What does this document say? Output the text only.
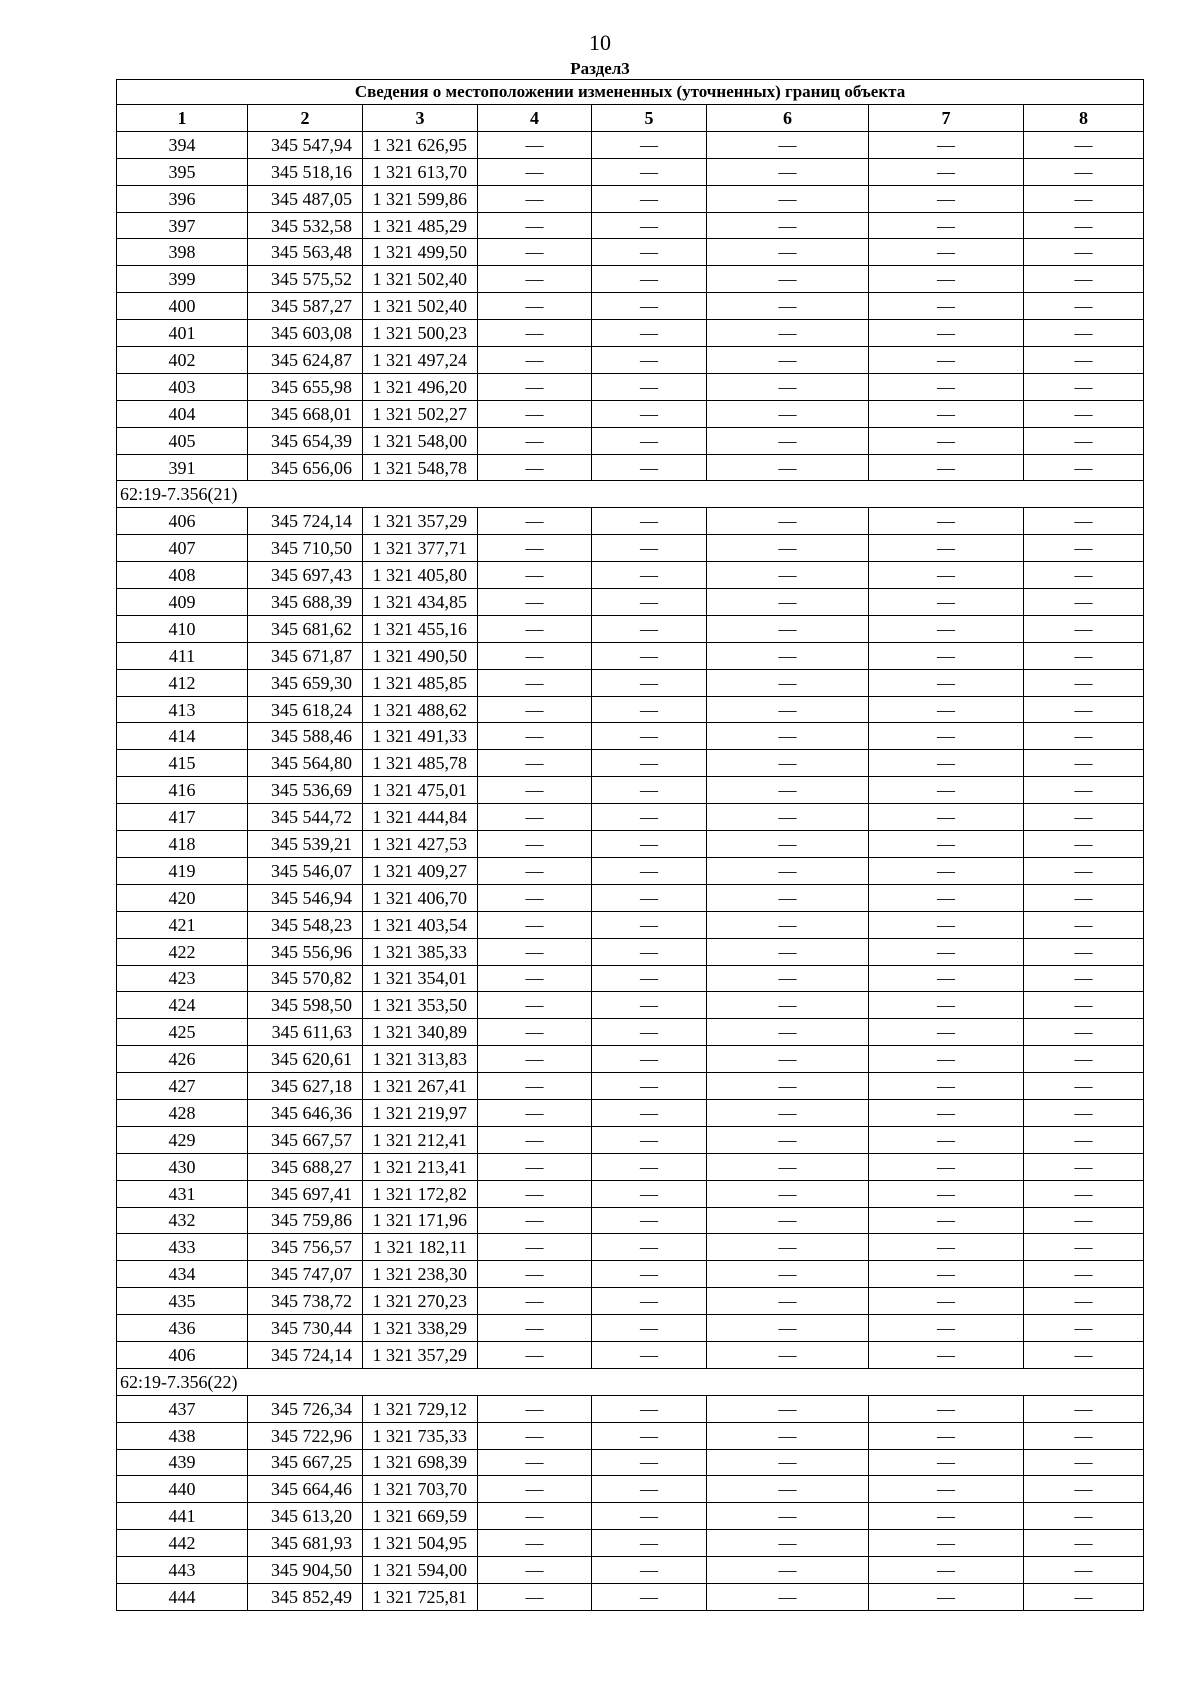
10
Раздел3
Сведения о местоположении измененных (уточненных) границ объекта							
1	2	3	4	5	6	7	8
394	345 547,94	1 321 626,95	—	—	—	—	—
395	345 518,16	1 321 613,70	—	—	—	—	—
396	345 487,05	1 321 599,86	—	—	—	—	—
397	345 532,58	1 321 485,29	—	—	—	—	—
398	345 563,48	1 321 499,50	—	—	—	—	—
399	345 575,52	1 321 502,40	—	—	—	—	—
400	345 587,27	1 321 502,40	—	—	—	—	—
401	345 603,08	1 321 500,23	—	—	—	—	—
402	345 624,87	1 321 497,24	—	—	—	—	—
403	345 655,98	1 321 496,20	—	—	—	—	—
404	345 668,01	1 321 502,27	—	—	—	—	—
405	345 654,39	1 321 548,00	—	—	—	—	—
391	345 656,06	1 321 548,78	—	—	—	—	—
62:19-7.356(21)							
406	345 724,14	1 321 357,29	—	—	—	—	—
407	345 710,50	1 321 377,71	—	—	—	—	—
408	345 697,43	1 321 405,80	—	—	—	—	—
409	345 688,39	1 321 434,85	—	—	—	—	—
410	345 681,62	1 321 455,16	—	—	—	—	—
411	345 671,87	1 321 490,50	—	—	—	—	—
412	345 659,30	1 321 485,85	—	—	—	—	—
413	345 618,24	1 321 488,62	—	—	—	—	—
414	345 588,46	1 321 491,33	—	—	—	—	—
415	345 564,80	1 321 485,78	—	—	—	—	—
416	345 536,69	1 321 475,01	—	—	—	—	—
417	345 544,72	1 321 444,84	—	—	—	—	—
418	345 539,21	1 321 427,53	—	—	—	—	—
419	345 546,07	1 321 409,27	—	—	—	—	—
420	345 546,94	1 321 406,70	—	—	—	—	—
421	345 548,23	1 321 403,54	—	—	—	—	—
422	345 556,96	1 321 385,33	—	—	—	—	—
423	345 570,82	1 321 354,01	—	—	—	—	—
424	345 598,50	1 321 353,50	—	—	—	—	—
425	345 611,63	1 321 340,89	—	—	—	—	—
426	345 620,61	1 321 313,83	—	—	—	—	—
427	345 627,18	1 321 267,41	—	—	—	—	—
428	345 646,36	1 321 219,97	—	—	—	—	—
429	345 667,57	1 321 212,41	—	—	—	—	—
430	345 688,27	1 321 213,41	—	—	—	—	—
431	345 697,41	1 321 172,82	—	—	—	—	—
432	345 759,86	1 321 171,96	—	—	—	—	—
433	345 756,57	1 321 182,11	—	—	—	—	—
434	345 747,07	1 321 238,30	—	—	—	—	—
435	345 738,72	1 321 270,23	—	—	—	—	—
436	345 730,44	1 321 338,29	—	—	—	—	—
406	345 724,14	1 321 357,29	—	—	—	—	—
62:19-7.356(22)							
437	345 726,34	1 321 729,12	—	—	—	—	—
438	345 722,96	1 321 735,33	—	—	—	—	—
439	345 667,25	1 321 698,39	—	—	—	—	—
440	345 664,46	1 321 703,70	—	—	—	—	—
441	345 613,20	1 321 669,59	—	—	—	—	—
442	345 681,93	1 321 504,95	—	—	—	—	—
443	345 904,50	1 321 594,00	—	—	—	—	—
444	345 852,49	1 321 725,81	—	—	—	—	—
